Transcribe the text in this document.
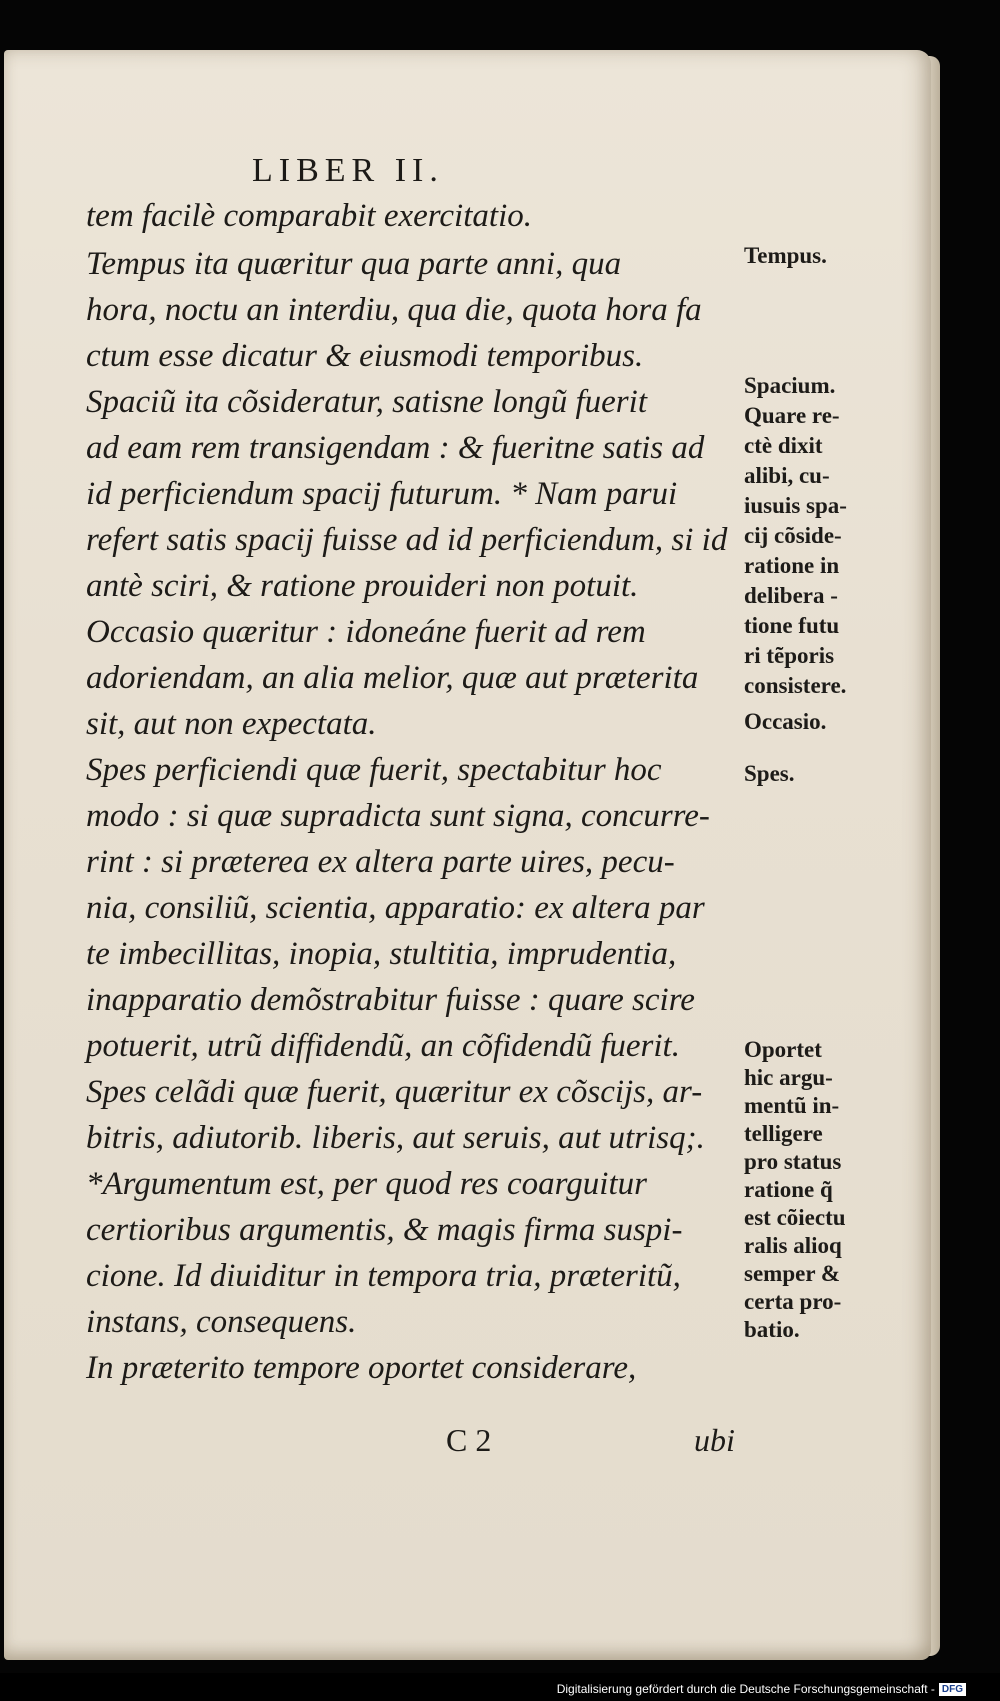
LIBER II.
tem facilè comparabit exercitatio.
Tempus ita quæritur qua parte anni, qua
hora, noctu an interdiu, qua die, quota hora fa
ctum esse dicatur & eiusmodi temporibus.
Spaciũ ita cõsideratur, satisne longũ fuerit
ad eam rem transigendam : & fueritne satis ad
id perficiendum spacij futurum. * Nam parui
refert satis spacij fuisse ad id perficiendum, si id
antè sciri, & ratione prouideri non potuit.
Occasio quæritur : idoneáne fuerit ad rem
adoriendam, an alia melior, quæ aut præterita
sit, aut non expectata.
Spes perficiendi quæ fuerit, spectabitur hoc
modo : si quæ supradicta sunt signa, concurre-
rint : si præterea ex altera parte uires, pecu-
nia, consiliũ, scientia, apparatio: ex altera par
te imbecillitas, inopia, stultitia, imprudentia,
inapparatio demõstrabitur fuisse : quare scire
potuerit, utrũ diffidendũ, an cõfidendũ fuerit.
Spes celãdi quæ fuerit, quæritur ex cõscijs, ar-
bitris, adiutorib. liberis, aut seruis, aut utrisq;.
*Argumentum est, per quod res coarguitur
certioribus argumentis, & magis firma suspi-
cione. Id diuiditur in tempora tria, præteritũ,
instans, consequens.
In præterito tempore oportet considerare,
Tempus.
Spacium.
Quare re-
ctè dixit
alibi, cu-
iusuis spa-
cij cõside-
ratione in
delibera -
tione futu
ri tẽporis
consistere.
Occasio.
Spes.
Oportet
hic argu-
mentũ in-
telligere
pro status
ratione q̃
est cõiectu
ralis alioq
semper &
certa pro-
batio.
C 2	ubi
Digitalisierung gefördert durch die Deutsche Forschungsgemeinschaft - DFG
